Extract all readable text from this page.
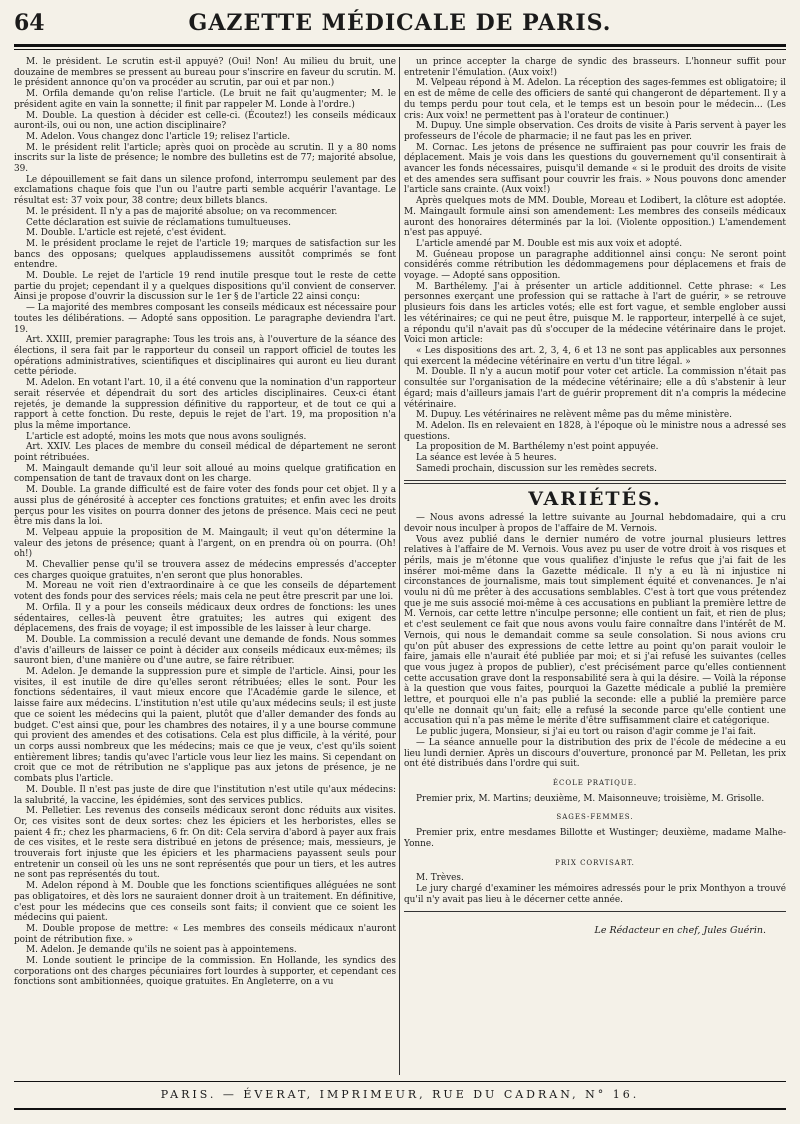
64	GAZETTE MÉDICALE DE PARIS.

M. le président. Le scrutin est-il appuyé? (Oui! Non! Au milieu du bruit, une douzaine de membres se pressent au bureau pour s'inscrire en faveur du scrutin. M. le président annonce qu'on va procéder au scrutin, par oui et par non.)

M. Orfila demande qu'on relise l'article. (Le bruit ne fait qu'augmenter; M. le président agite en vain la sonnette; il finit par rappeler M. Londe à l'ordre.)

M. Double. La question à décider est celle-ci. (Écoutez!) les conseils médicaux auront-ils, oui ou non, une action disciplinaire?

M. Adelon. Vous changez donc l'article 19; relisez l'article.

M. le président relit l'article; après quoi on procède au scrutin. Il y a 80 noms inscrits sur la liste de présence; le nombre des bulletins est de 77; majorité absolue, 39.

Le dépouillement se fait dans un silence profond, interrompu seulement par des exclamations chaque fois que l'un ou l'autre parti semble acquérir l'avantage. Le résultat est: 37 voix pour, 38 contre; deux billets blancs.

M. le président. Il n'y a pas de majorité absolue; on va recommencer.

Cette déclaration est suivie de réclamations tumultueuses.

M. Double. L'article est rejeté, c'est évident.

M. le président proclame le rejet de l'article 19; marques de satisfaction sur les bancs des opposans; quelques applaudissemens aussitôt comprimés se font entendre.

M. Double. Le rejet de l'article 19 rend inutile presque tout le reste de cette partie du projet; cependant il y a quelques dispositions qu'il convient de conserver. Ainsi je propose d'ouvrir la discussion sur le 1er § de l'article 22 ainsi conçu:

— La majorité des membres composant les conseils médicaux est nécessaire pour toutes les délibérations. — Adopté sans opposition. Le paragraphe deviendra l'art. 19.

Art. XXIII, premier paragraphe: Tous les trois ans, à l'ouverture de la séance des élections, il sera fait par le rapporteur du conseil un rapport officiel de toutes les opérations administratives, scientifiques et disciplinaires qui auront eu lieu durant cette période.

M. Adelon. En votant l'art. 10, il a été convenu que la nomination d'un rapporteur serait réservée et dépendrait du sort des articles disciplinaires. Ceux-ci étant rejetés, je demande la suppression définitive du rapporteur, et de tout ce qui a rapport à cette fonction. Du reste, depuis le rejet de l'art. 19, ma proposition n'a plus la même importance.

L'article est adopté, moins les mots que nous avons soulignés.

Art. XXIV. Les places de membre du conseil médical de département ne seront point rétribuées.

M. Maingault demande qu'il leur soit alloué au moins quelque gratification en compensation de tant de travaux dont on les charge.

M. Double. La grande difficulté est de faire voter des fonds pour cet objet. Il y a aussi plus de générosité à accepter ces fonctions gratuites; et enfin avec les droits perçus pour les visites on pourra donner des jetons de présence. Mais ceci ne peut être mis dans la loi.

M. Velpeau appuie la proposition de M. Maingault; il veut qu'on détermine la valeur des jetons de présence; quant à l'argent, on en prendra où on pourra. (Oh! oh!)

M. Chevallier pense qu'il se trouvera assez de médecins empressés d'accepter ces charges quoique gratuites, n'en seront que plus honorables.

M. Moreau ne voit rien d'extraordinaire à ce que les conseils de département votent des fonds pour des services réels; mais cela ne peut être prescrit par une loi.

M. Orfila. Il y a pour les conseils médicaux deux ordres de fonctions: les unes sédentaires, celles-là peuvent être gratuites; les autres qui exigent des déplacemens, des frais de voyage; il est impossible de les laisser à leur charge.

M. Double. La commission a reculé devant une demande de fonds. Nous sommes d'avis d'ailleurs de laisser ce point à décider aux conseils médicaux eux-mêmes; ils sauront bien, d'une manière ou d'une autre, se faire rétribuer.

M. Adelon. Je demande la suppression pure et simple de l'article. Ainsi, pour les visites, il est inutile de dire qu'elles seront rétribuées; elles le sont. Pour les fonctions sédentaires, il vaut mieux encore que l'Académie garde le silence, et laisse faire aux médecins. L'institution n'est utile qu'aux médecins seuls; il est juste que ce soient les médecins qui la paient, plutôt que d'aller demander des fonds au budget. C'est ainsi que, pour les chambres des notaires, il y a une bourse commune qui provient des amendes et des cotisations. Cela est plus difficile, à la vérité, pour un corps aussi nombreux que les médecins; mais ce que je veux, c'est qu'ils soient entièrement libres; tandis qu'avec l'article vous leur liez les mains. Si cependant on croit que ce mot de rétribution ne s'applique pas aux jetons de présence, je ne combats plus l'article.

M. Double. Il n'est pas juste de dire que l'institution n'est utile qu'aux médecins: la salubrité, la vaccine, les épidémies, sont des services publics.

M. Pelletier. Les revenus des conseils médicaux seront donc réduits aux visites. Or, ces visites sont de deux sortes: chez les épiciers et les herboristes, elles se paient 4 fr.; chez les pharmaciens, 6 fr. On dit: Cela servira d'abord à payer aux frais de ces visites, et le reste sera distribué en jetons de présence; mais, messieurs, je trouverais fort injuste que les épiciers et les pharmaciens payassent seuls pour entretenir un conseil où les uns ne sont représentés que pour un tiers, et les autres ne sont pas représentés du tout.

M. Adelon répond à M. Double que les fonctions scientifiques alléguées ne sont pas obligatoires, et dès lors ne sauraient donner droit à un traitement. En définitive, c'est pour les médecins que ces conseils sont faits; il convient que ce soient les médecins qui paient.

M. Double propose de mettre: « Les membres des conseils médicaux n'auront point de rétribution fixe. »

M. Adelon. Je demande qu'ils ne soient pas à appointemens.

M. Londe soutient le principe de la commission. En Hollande, les syndics des corporations ont des charges pécuniaires fort lourdes à supporter, et cependant ces fonctions sont ambitionnées, quoique gratuites. En Angleterre, on a vu

un prince accepter la charge de syndic des brasseurs. L'honneur suffit pour entretenir l'émulation. (Aux voix!)

M. Velpeau répond à M. Adelon. La réception des sages-femmes est obligatoire; il en est de même de celle des officiers de santé qui changeront de département. Il y a du temps perdu pour tout cela, et le temps est un besoin pour le médecin... (Les cris: Aux voix! ne permettent pas à l'orateur de continuer.)

M. Dupuy. Une simple observation. Ces droits de visite à Paris servent à payer les professeurs de l'école de pharmacie; il ne faut pas les en priver.

M. Cornac. Les jetons de présence ne suffiraient pas pour couvrir les frais de déplacement. Mais je vois dans les questions du gouvernement qu'il consentirait à avancer les fonds nécessaires, puisqu'il demande « si le produit des droits de visite et des amendes sera suffisant pour couvrir les frais. » Nous pouvons donc amender l'article sans crainte. (Aux voix!)

Après quelques mots de MM. Double, Moreau et Lodibert, la clôture est adoptée. M. Maingault formule ainsi son amendement: Les membres des conseils médicaux auront des honoraires déterminés par la loi. (Violente opposition.) L'amendement n'est pas appuyé.

L'article amendé par M. Double est mis aux voix et adopté.

M. Guéneau propose un paragraphe additionnel ainsi conçu: Ne seront point considérés comme rétribution les dédommagemens pour déplacemens et frais de voyage. — Adopté sans opposition.

M. Barthélemy. J'ai à présenter un article additionnel. Cette phrase: « Les personnes exerçant une profession qui se rattache à l'art de guérir, » se retrouve plusieurs fois dans les articles votés; elle est fort vague, et semble englober aussi les vétérinaires; ce qui ne peut être, puisque M. le rapporteur, interpellé à ce sujet, a répondu qu'il n'avait pas dû s'occuper de la médecine vétérinaire dans le projet. Voici mon article:

« Les dispositions des art. 2, 3, 4, 6 et 13 ne sont pas applicables aux personnes qui exercent la médecine vétérinaire en vertu d'un titre légal. »

M. Double. Il n'y a aucun motif pour voter cet article. La commission n'était pas consultée sur l'organisation de la médecine vétérinaire; elle a dû s'abstenir à leur égard; mais d'ailleurs jamais l'art de guérir proprement dit n'a compris la médecine vétérinaire.

M. Dupuy. Les vétérinaires ne relèvent même pas du même ministère.

M. Adelon. Ils en relevaient en 1828, à l'époque où le ministre nous a adressé ses questions.

La proposition de M. Barthélemy n'est point appuyée.

La séance est levée à 5 heures.

Samedi prochain, discussion sur les remèdes secrets.

VARIÉTÉS.

— Nous avons adressé la lettre suivante au Journal hebdomadaire, qui a cru devoir nous inculper à propos de l'affaire de M. Vernois.

Vous avez publié dans le dernier numéro de votre journal plusieurs lettres relatives à l'affaire de M. Vernois. Vous avez pu user de votre droit à vos risques et périls, mais je m'étonne que vous qualifiez d'injuste le refus que j'ai fait de les insérer moi-même dans la Gazette médicale. Il n'y a eu là ni injustice ni circonstances de journalisme, mais tout simplement équité et convenances. Je n'ai voulu ni dû me prêter à des accusations semblables. C'est à tort que vous prétendez que je me suis associé moi-même à ces accusations en publiant la première lettre de M. Vernois, car cette lettre n'inculpe personne; elle contient un fait, et rien de plus; et c'est seulement ce fait que nous avons voulu faire connaître dans l'intérêt de M. Vernois, qui nous le demandait comme sa seule consolation. Si nous avions cru qu'on pût abuser des expressions de cette lettre au point qu'on parait vouloir le faire, jamais elle n'aurait été publiée par moi; et si j'ai refusé les suivantes (celles que vous jugez à propos de publier), c'est précisément parce qu'elles contiennent cette accusation grave dont la responsabilité sera à qui la désire. — Voilà la réponse à la question que vous faites, pourquoi la Gazette médicale a publié la première lettre, et pourquoi elle n'a pas publié la seconde: elle a publié la première parce qu'elle ne donnait qu'un fait; elle a refusé la seconde parce qu'elle contient une accusation qui n'a pas même le mérite d'être suffisamment claire et catégorique.

Le public jugera, Monsieur, si j'ai eu tort ou raison d'agir comme je l'ai fait.

— La séance annuelle pour la distribution des prix de l'école de médecine a eu lieu lundi dernier. Après un discours d'ouverture, prononcé par M. Pelletan, les prix ont été distribués dans l'ordre qui suit.

ÉCOLE PRATIQUE.

Premier prix, M. Martins; deuxième, M. Maisonneuve; troisième, M. Grisolle.

SAGES-FEMMES.

Premier prix, entre mesdames Billotte et Wustinger; deuxième, madame Malhe-Yonne.

PRIX CORVISART.

M. Trèves.

Le jury chargé d'examiner les mémoires adressés pour le prix Monthyon a trouvé qu'il n'y avait pas lieu à le décerner cette année.

Le Rédacteur en chef, Jules Guérin.
PARIS. — ÉVERAT, IMPRIMEUR, RUE DU CADRAN, N° 16.
